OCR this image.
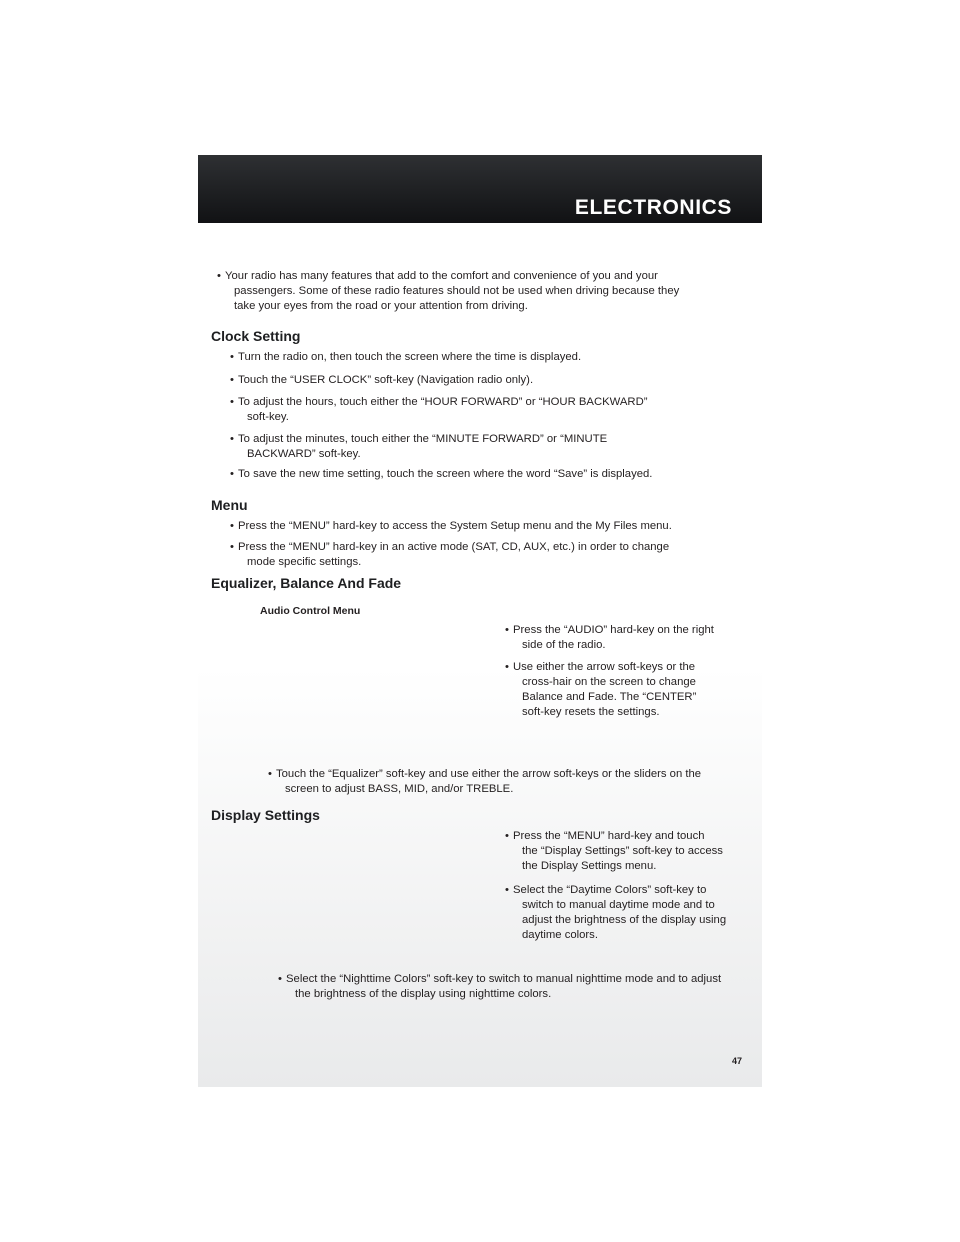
ELECTRONICS
• Your radio has many features that add to the comfort and convenience of you and your
passengers. Some of these radio features should not be used when driving because they
take your eyes from the road or your attention from driving.
Clock Setting
• Turn the radio on, then touch the screen where the time is displayed.
• Touch the “USER CLOCK” soft-key (Navigation radio only).
• To adjust the hours, touch either the “HOUR FORWARD” or “HOUR BACKWARD”
soft-key.
• To adjust the minutes, touch either the “MINUTE FORWARD” or “MINUTE
BACKWARD” soft-key.
• To save the new time setting, touch the screen where the word “Save” is displayed.
Menu
• Press the “MENU” hard-key to access the System Setup menu and the My Files menu.
• Press the “MENU” hard-key in an active mode (SAT, CD, AUX, etc.) in order to change
mode specific settings.
Equalizer, Balance And Fade
Audio Control Menu
• Press the “AUDIO” hard-key on the right
side of the radio.
• Use either the arrow soft-keys or the
cross-hair on the screen to change
Balance and Fade. The “CENTER”
soft-key resets the settings.
• Touch the “Equalizer” soft-key and use either the arrow soft-keys or the sliders on the
screen to adjust BASS, MID, and/or TREBLE.
Display Settings
• Press the “MENU” hard-key and touch
the “Display Settings” soft-key to access
the Display Settings menu.
• Select the “Daytime Colors” soft-key to
switch to manual daytime mode and to
adjust the brightness of the display using
daytime colors.
• Select the “Nighttime Colors” soft-key to switch to manual nighttime mode and to adjust
the brightness of the display using nighttime colors.
47
